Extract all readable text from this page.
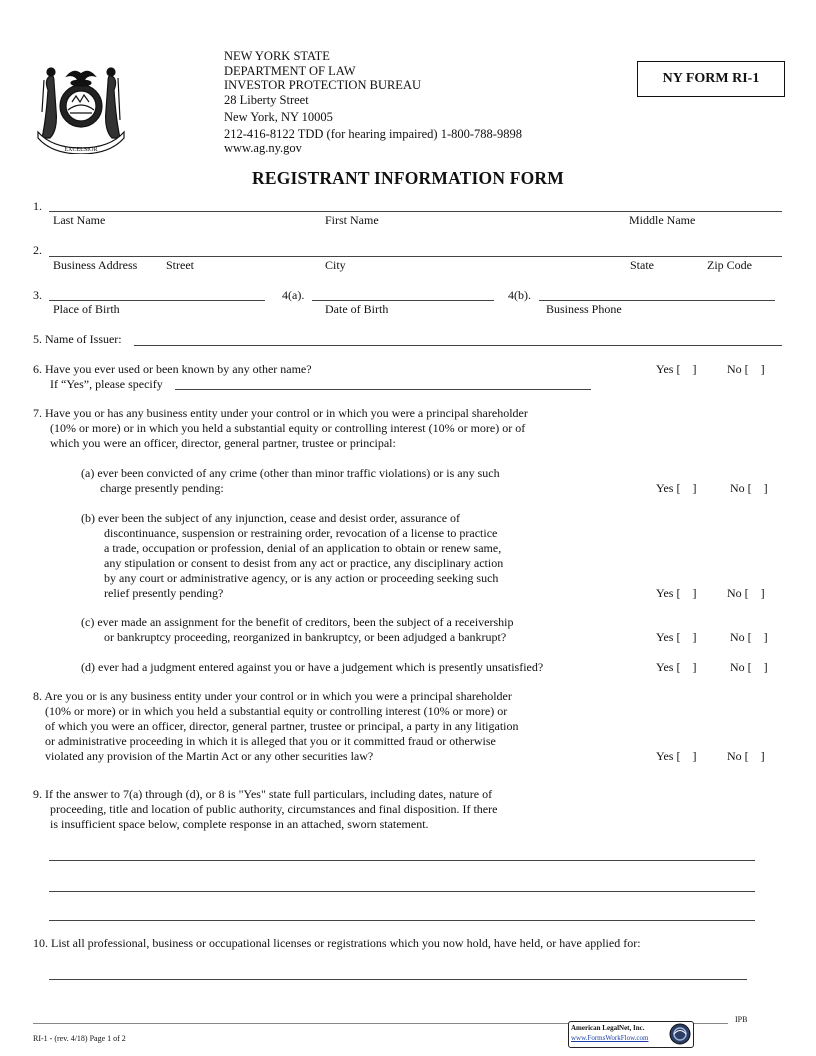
EXCELSIOR
NEW YORK STATE
DEPARTMENT OF LAW
INVESTOR PROTECTION BUREAU
28 Liberty Street
New York, NY 10005
212-416-8122 TDD (for hearing impaired) 1-800-788-9898
www.ag.ny.gov
NY FORM RI-1
REGISTRANT INFORMATION FORM
1.
Last Name	First Name	Middle Name
2.
Business Address Street	City	State	Zip Code
3.	4(a).	4(b).
Place of Birth	Date of Birth	Business Phone
5. Name of Issuer:
6. Have you ever used or been known by any other name?	Yes [    ]	No [    ]
If “Yes”, please specify
7. Have you or has any business entity under your control or in which you were a principal shareholder
(10% or more) or in which you held a substantial equity or controlling interest (10% or more) or of
which you were an officer, director, general partner, trustee or principal:
(a) ever been convicted of any crime (other than minor traffic violations) or is any such
charge presently pending:	Yes [    ]	No [    ]
(b) ever been the subject of any injunction, cease and desist order, assurance of
discontinuance, suspension or restraining order, revocation of a license to practice
a trade, occupation or profession, denial of an application to obtain or renew same,
any stipulation or consent to desist from any act or practice, any disciplinary action
by any court or administrative agency, or is any action or proceeding seeking such
relief presently pending?	Yes [    ]	No [    ]
(c) ever made an assignment for the benefit of creditors, been the subject of a receivership
or bankruptcy proceeding, reorganized in bankruptcy, or been adjudged a bankrupt?	Yes [    ]	No [    ]
(d) ever had a judgment entered against you or have a judgement which is presently unsatisfied?	Yes [    ]	No [    ]
8. Are you or is any business entity under your control or in which you were a principal shareholder
(10% or more) or in which you held a substantial equity or controlling interest (10% or more) or
of which you were an officer, director, general partner, trustee or principal, a party in any litigation
or administrative proceeding in which it is alleged that you or it committed fraud or otherwise
violated any provision of the Martin Act or any other securities law?	Yes [    ]	No [    ]
9. If the answer to 7(a) through (d), or 8 is "Yes" state full particulars, including dates, nature of
proceeding, title and location of public authority, circumstances and final disposition. If there
is insufficient space below, complete response in an attached, sworn statement.
10. List all professional, business or occupational licenses or registrations which you now hold, have held, or have applied for:
IPB
RI-1 - (rev. 4/18) Page 1 of 2
American LegalNet, Inc.
www.FormsWorkFlow.com
